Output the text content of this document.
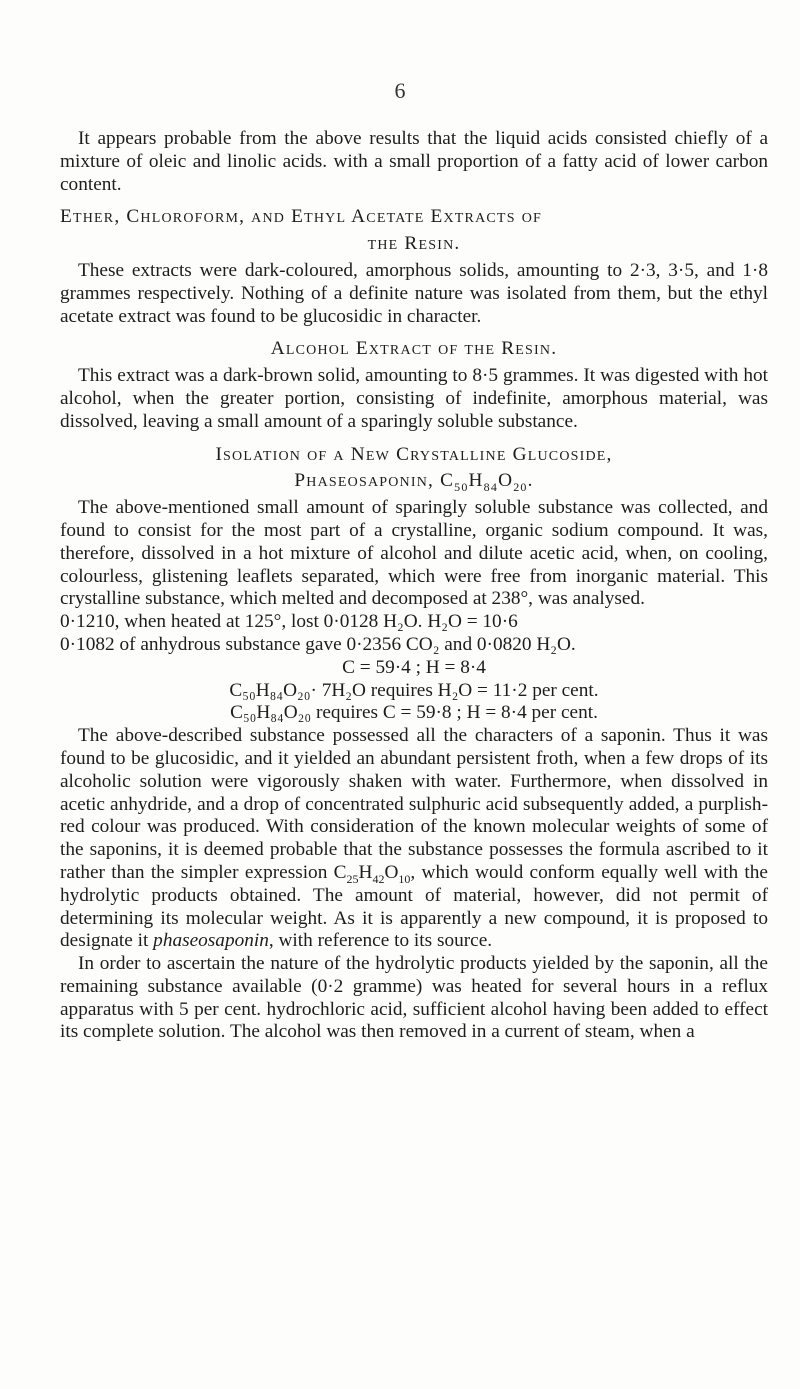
6

It appears probable from the above results that the liquid acids consisted chiefly of a mixture of oleic and linolic acids. with a small proportion of a fatty acid of lower carbon content.

Ether, Chloroform, and Ethyl Acetate Extracts of
the Resin.

These extracts were dark-coloured, amorphous solids, amounting to 2·3, 3·5, and 1·8 grammes respectively. Nothing of a definite nature was isolated from them, but the ethyl acetate extract was found to be glucosidic in character.

Alcohol Extract of the Resin.

This extract was a dark-brown solid, amounting to 8·5 grammes. It was digested with hot alcohol, when the greater portion, consisting of indefinite, amorphous material, was dissolved, leaving a small amount of a sparingly soluble substance.

Isolation of a New Crystalline Glucoside,
Phaseosaponin, $C_{50}H_{84}O_{20}$.

The above-mentioned small amount of sparingly soluble substance was collected, and found to consist for the most part of a crystalline, organic sodium compound. It was, therefore, dissolved in a hot mixture of alcohol and dilute acetic acid, when, on cooling, colourless, glistening leaflets separated, which were free from inorganic material. This crystalline substance, which melted and decomposed at 238°, was analysed.

0·1210, when heated at 125°, lost 0·0128 H₂O. H₂O = 10·6

0·1082 of anhydrous substance gave 0·2356 CO₂ and 0·0820 H₂O.

C = 59·4 ; H = 8·4

C₅₀H₈₄O₂₀· 7H₂O requires H₂O = 11·2 per cent.

C₅₀H₈₄O₂₀ requires C = 59·8 ; H = 8·4 per cent.

The above-described substance possessed all the characters of a saponin. Thus it was found to be glucosidic, and it yielded an abundant persistent froth, when a few drops of its alcoholic solution were vigorously shaken with water. Furthermore, when dissolved in acetic anhydride, and a drop of concentrated sulphuric acid subsequently added, a purplish-red colour was produced. With consideration of the known molecular weights of some of the saponins, it is deemed probable that the substance possesses the formula ascribed to it rather than the simpler expression $C_{25}H_{42}O_{10}$, which would conform equally well with the hydrolytic products obtained. The amount of material, however, did not permit of determining its molecular weight. As it is apparently a new compound, it is proposed to designate it phaseosaponin, with reference to its source.

In order to ascertain the nature of the hydrolytic products yielded by the saponin, all the remaining substance available (0·2 gramme) was heated for several hours in a reflux apparatus with 5 per cent. hydrochloric acid, sufficient alcohol having been added to effect its complete solution. The alcohol was then removed in a current of steam, when a
